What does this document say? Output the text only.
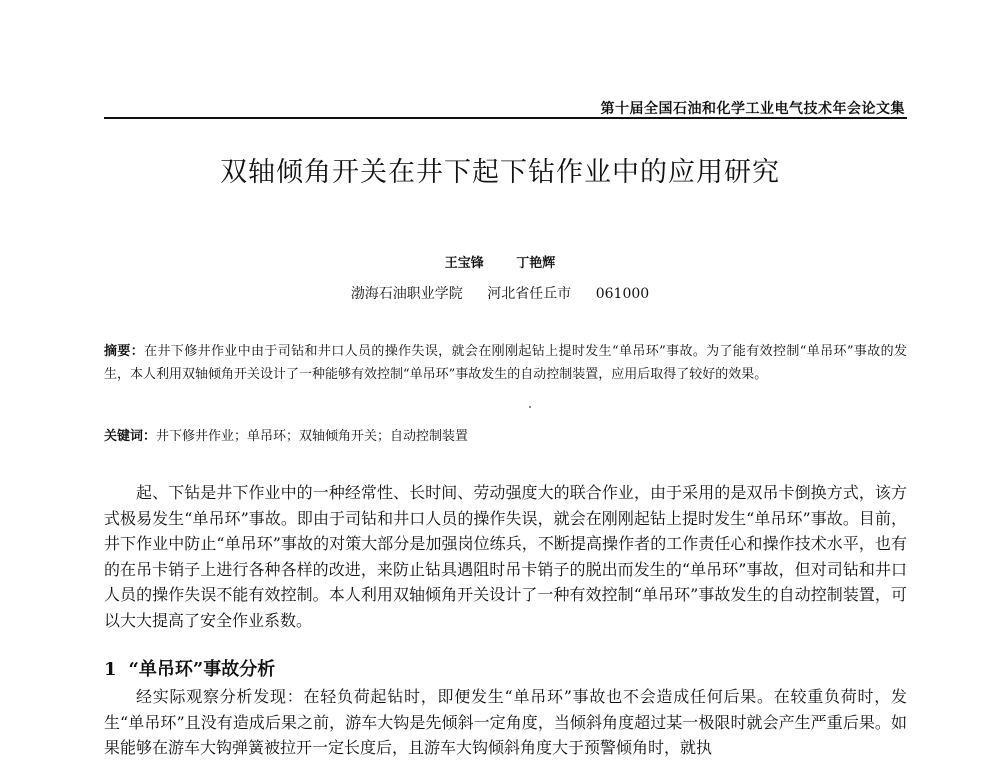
第十届全国石油和化学工业电气技术年会论文集
双轴倾角开关在井下起下钻作业中的应用研究
王宝锋	丁艳辉
渤海石油职业学院 河北省任丘市 061000
摘要：在井下修井作业中由于司钻和井口人员的操作失误，就会在刚刚起钻上提时发生“单吊环”事故。为了能有效控制“单吊环”事故的发生，本人利用双轴倾角开关设计了一种能够有效控制“单吊环”事故发生的自动控制装置，应用后取得了较好的效果。
关键词：井下修井作业；单吊环；双轴倾角开关；自动控制装置

起、下钻是井下作业中的一种经常性、长时间、劳动强度大的联合作业，由于采用的是双吊卡倒换方式，该方式极易发生“单吊环”事故。即由于司钻和井口人员的操作失误，就会在刚刚起钻上提时发生“单吊环”事故。目前，井下作业中防止“单吊环”事故的对策大部分是加强岗位练兵，不断提高操作者的工作责任心和操作技术水平，也有的在吊卡销子上进行各种各样的改进，来防止钻具遇阻时吊卡销子的脱出而发生的“单吊环”事故，但对司钻和井口人员的操作失误不能有效控制。本人利用双轴倾角开关设计了一种有效控制“单吊环”事故发生的自动控制装置，可以大大提高了安全作业系数。

1 “单吊环”事故分析

经实际观察分析发现：在轻负荷起钻时，即便发生“单吊环”事故也不会造成任何后果。在较重负荷时，发生“单吊环”且没有造成后果之前，游车大钩是先倾斜一定角度，当倾斜角度超过某一极限时就会产生严重后果。如果能够在游车大钩弹簧被拉开一定长度后，且游车大钩倾斜角度大于预警倾角时，就执
